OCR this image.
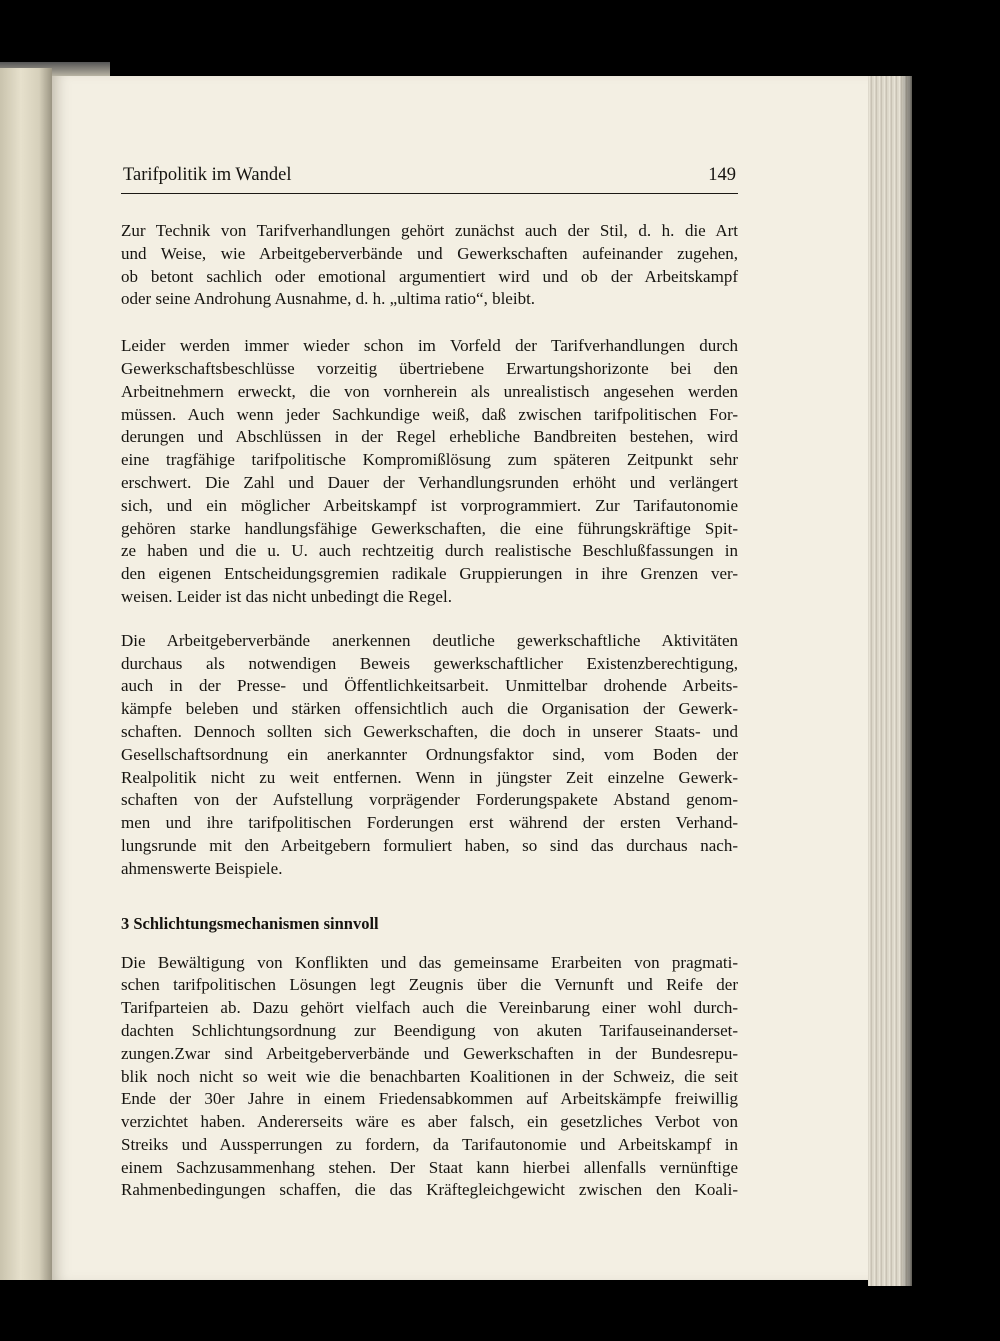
Tarifpolitik im Wandel	149

Zur Technik von Tarifverhandlungen gehört zunächst auch der Stil, d. h. die Art
und Weise, wie Arbeitgeberverbände und Gewerkschaften aufeinander zugehen,
ob betont sachlich oder emotional argumentiert wird und ob der Arbeitskampf
oder seine Androhung Ausnahme, d. h. „ultima ratio“, bleibt.

Leider werden immer wieder schon im Vorfeld der Tarifverhandlungen durch
Gewerkschaftsbeschlüsse vorzeitig übertriebene Erwartungshorizonte bei den
Arbeitnehmern erweckt, die von vornherein als unrealistisch angesehen werden
müssen. Auch wenn jeder Sachkundige weiß, daß zwischen tarifpolitischen For-
derungen und Abschlüssen in der Regel erhebliche Bandbreiten bestehen, wird
eine tragfähige tarifpolitische Kompromißlösung zum späteren Zeitpunkt sehr
erschwert. Die Zahl und Dauer der Verhandlungsrunden erhöht und verlängert
sich, und ein möglicher Arbeitskampf ist vorprogrammiert. Zur Tarifautonomie
gehören starke handlungsfähige Gewerkschaften, die eine führungskräftige Spit-
ze haben und die u. U. auch rechtzeitig durch realistische Beschlußfassungen in
den eigenen Entscheidungsgremien radikale Gruppierungen in ihre Grenzen ver-
weisen. Leider ist das nicht unbedingt die Regel.

Die Arbeitgeberverbände anerkennen deutliche gewerkschaftliche Aktivitäten
durchaus als notwendigen Beweis gewerkschaftlicher Existenzberechtigung,
auch in der Presse- und Öffentlichkeitsarbeit. Unmittelbar drohende Arbeits-
kämpfe beleben und stärken offensichtlich auch die Organisation der Gewerk-
schaften. Dennoch sollten sich Gewerkschaften, die doch in unserer Staats- und
Gesellschaftsordnung ein anerkannter Ordnungsfaktor sind, vom Boden der
Realpolitik nicht zu weit entfernen. Wenn in jüngster Zeit einzelne Gewerk-
schaften von der Aufstellung vorprägender Forderungspakete Abstand genom-
men und ihre tarifpolitischen Forderungen erst während der ersten Verhand-
lungsrunde mit den Arbeitgebern formuliert haben, so sind das durchaus nach-
ahmenswerte Beispiele.

3 Schlichtungsmechanismen sinnvoll

Die Bewältigung von Konflikten und das gemeinsame Erarbeiten von pragmati-
schen tarifpolitischen Lösungen legt Zeugnis über die Vernunft und Reife der
Tarifparteien ab. Dazu gehört vielfach auch die Vereinbarung einer wohl durch-
dachten Schlichtungsordnung zur Beendigung von akuten Tarifauseinanderset-
zungen.Zwar sind Arbeitgeberverbände und Gewerkschaften in der Bundesrepu-
blik noch nicht so weit wie die benachbarten Koalitionen in der Schweiz, die seit
Ende der 30er Jahre in einem Friedensabkommen auf Arbeitskämpfe freiwillig
verzichtet haben. Andererseits wäre es aber falsch, ein gesetzliches Verbot von
Streiks und Aussperrungen zu fordern, da Tarifautonomie und Arbeitskampf in
einem Sachzusammenhang stehen. Der Staat kann hierbei allenfalls vernünftige
Rahmenbedingungen schaffen, die das Kräftegleichgewicht zwischen den Koali-
